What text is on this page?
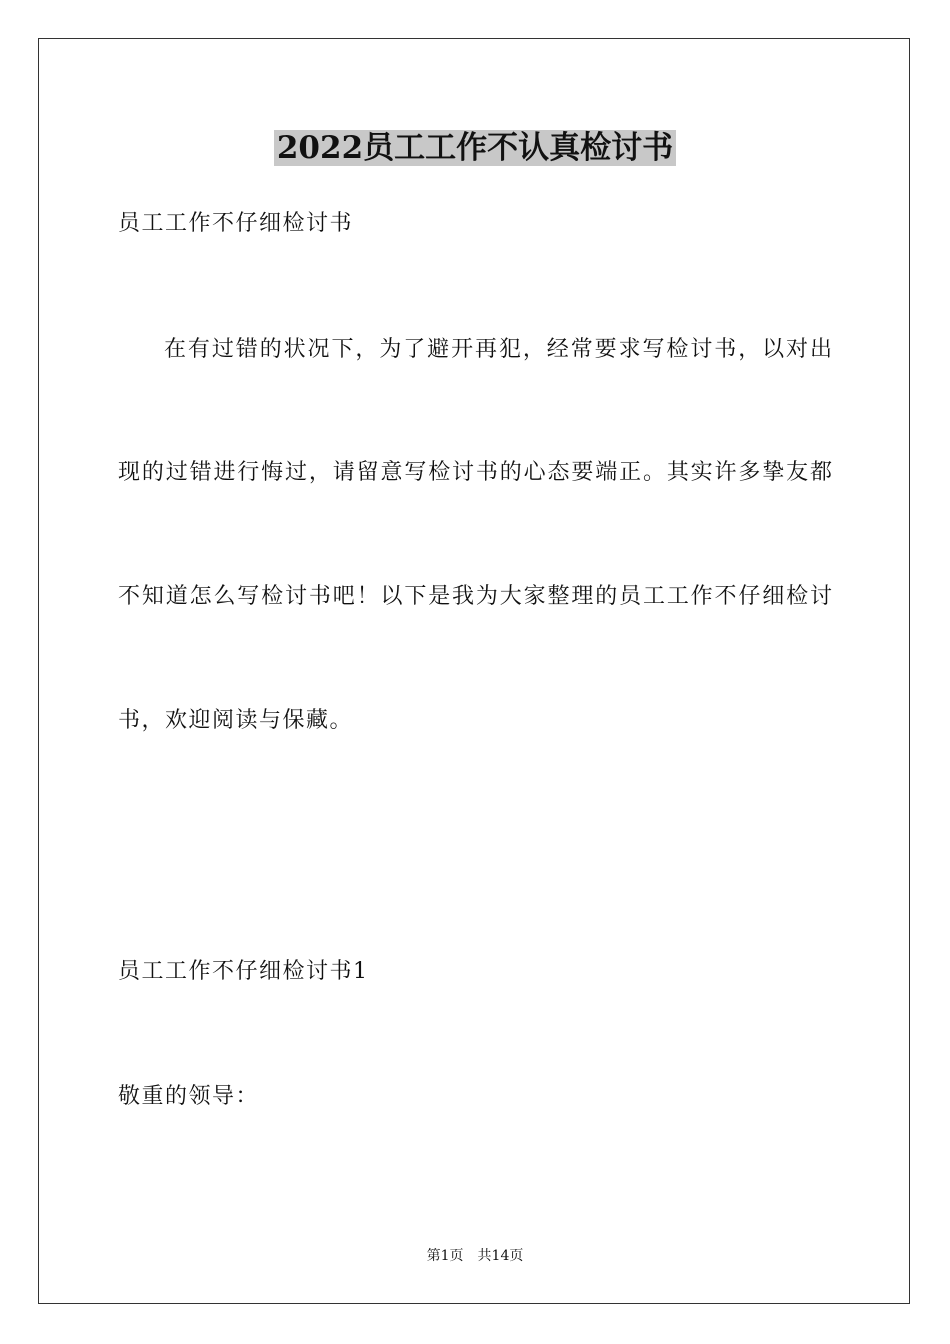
2022员工工作不认真检讨书

员工工作不仔细检讨书

在有过错的状况下，为了避开再犯，经常要求写检讨书，以对出

现的过错进行悔过，请留意写检讨书的心态要端正。其实许多挚友都

不知道怎么写检讨书吧！以下是我为大家整理的员工工作不仔细检讨

书，欢迎阅读与保藏。

员工工作不仔细检讨书1

敬重的领导：

第1页 共14页
